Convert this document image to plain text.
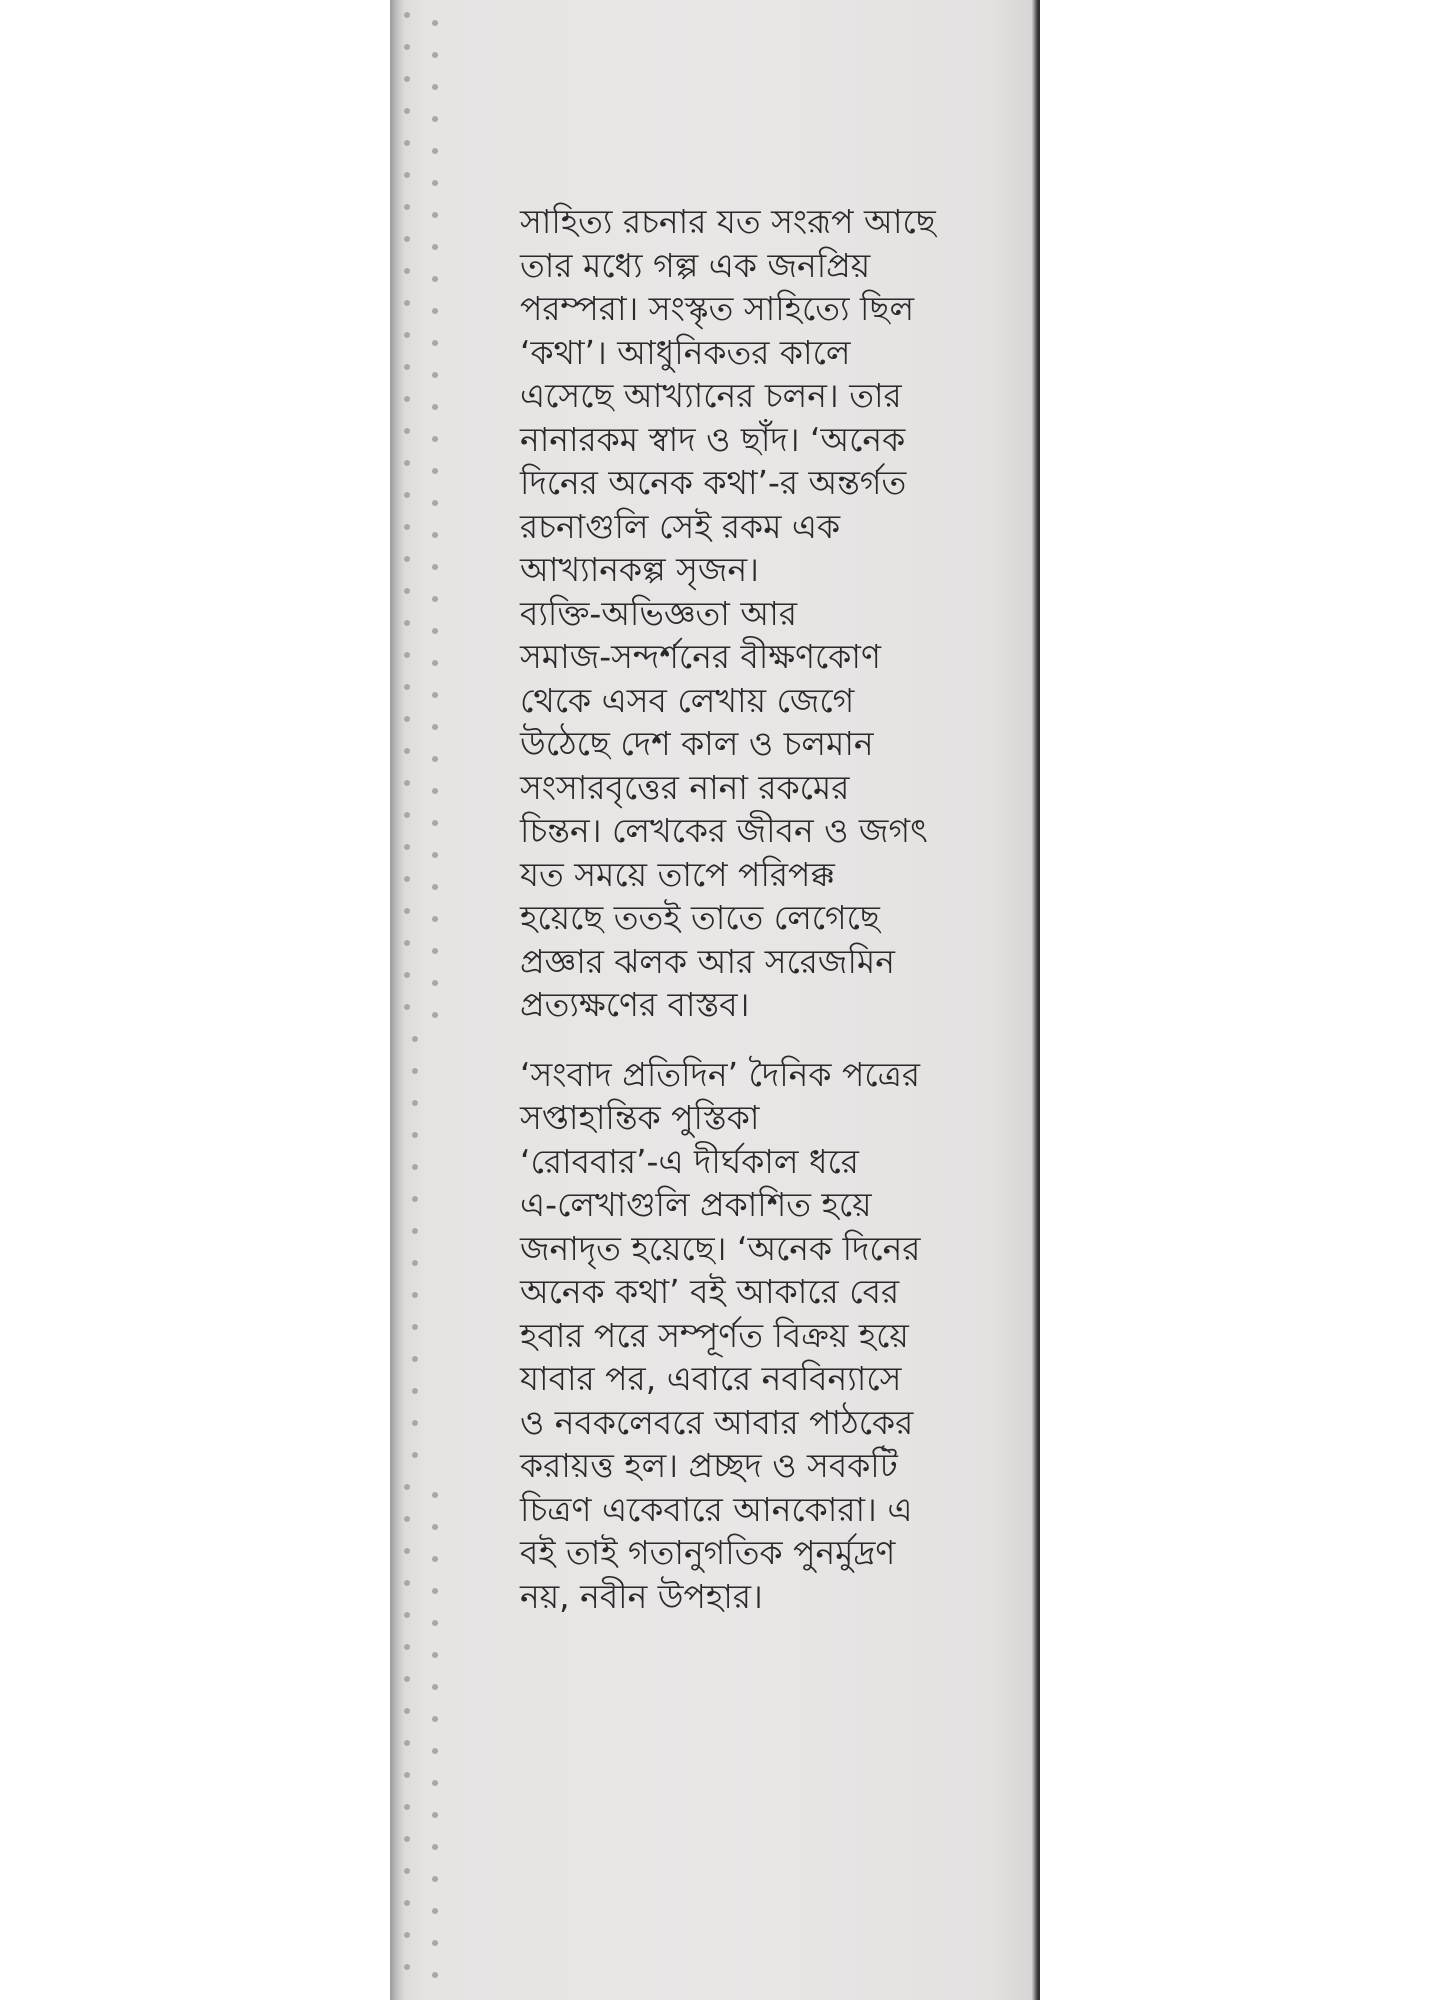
সাহিত্য রচনার যত সংরূপ আছে
তার মধ্যে গল্প এক জনপ্রিয়
পরম্পরা। সংস্কৃত সাহিত্যে ছিল
‘কথা’। আধুনিকতর কালে
এসেছে আখ্যানের চলন। তার
নানারকম স্বাদ ও ছাঁদ। ‘অনেক
দিনের অনেক কথা’-র অন্তর্গত
রচনাগুলি সেই রকম এক
আখ্যানকল্প সৃজন।
ব্যক্তি-অভিজ্ঞতা আর
সমাজ-সন্দর্শনের বীক্ষণকোণ
থেকে এসব লেখায় জেগে
উঠেছে দেশ কাল ও চলমান
সংসারবৃত্তের নানা রকমের
চিন্তন। লেখকের জীবন ও জগৎ
যত সময়ে তাপে পরিপক্ক
হয়েছে ততই তাতে লেগেছে
প্রজ্ঞার ঝলক আর সরেজমিন
প্রত্যক্ষণের বাস্তব।

‘সংবাদ প্রতিদিন’ দৈনিক পত্রের
সপ্তাহান্তিক পুস্তিকা
‘রোববার’-এ দীর্ঘকাল ধরে
এ-লেখাগুলি প্রকাশিত হয়ে
জনাদৃত হয়েছে। ‘অনেক দিনের
অনেক কথা’ বই আকারে বের
হবার পরে সম্পূর্ণত বিক্রয় হয়ে
যাবার পর, এবারে নববিন্যাসে
ও নবকলেবরে আবার পাঠকের
করায়ত্ত হল। প্রচ্ছদ ও সবকটি
চিত্রণ একেবারে আনকোরা। এ
বই তাই গতানুগতিক পুনর্মুদ্রণ
নয়, নবীন উপহার।
